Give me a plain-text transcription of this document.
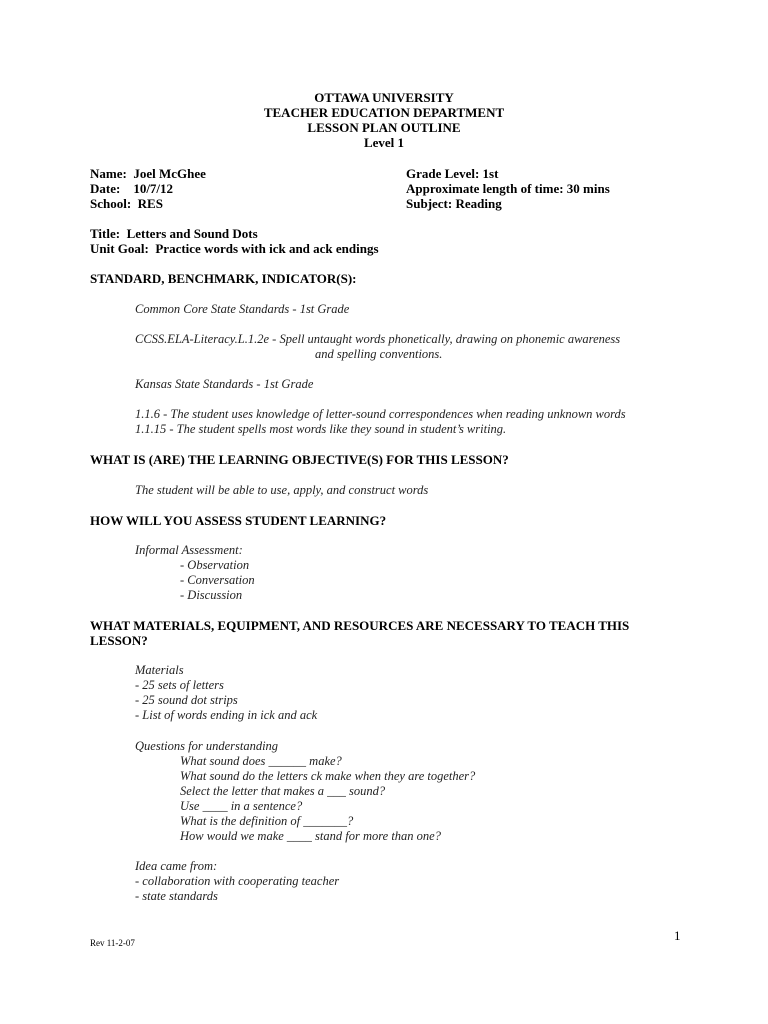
OTTAWA UNIVERSITY
TEACHER EDUCATION DEPARTMENT
LESSON PLAN OUTLINE
Level 1
Name:  Joel McGhee
Date:    10/7/12
School:  RES
Grade Level: 1st
Approximate length of time: 30 mins
Subject: Reading
Title:  Letters and Sound Dots
Unit Goal:  Practice words with ick and ack endings
STANDARD, BENCHMARK, INDICATOR(S):
Common Core State Standards - 1st Grade
CCSS.ELA-Literacy.L.1.2e - Spell untaught words phonetically, drawing on phonemic awareness
and spelling conventions.
Kansas State Standards - 1st Grade
1.1.6 - The student uses knowledge of letter-sound correspondences when reading unknown words
1.1.15 - The student spells most words like they sound in student’s writing.
WHAT IS (ARE) THE LEARNING OBJECTIVE(S) FOR THIS LESSON?
The student will be able to use, apply, and construct words
HOW WILL YOU ASSESS STUDENT LEARNING?
Informal Assessment:
- Observation
- Conversation
- Discussion
WHAT MATERIALS, EQUIPMENT, AND RESOURCES ARE NECESSARY TO TEACH THIS
LESSON?
Materials
- 25 sets of letters
- 25 sound dot strips
- List of words ending in ick and ack
Questions for understanding
What sound does ______ make?
What sound do the letters ck make when they are together?
Select the letter that makes a ___ sound?
Use ____ in a sentence?
What is the definition of _______?
How would we make ____ stand for more than one?
Idea came from:
- collaboration with cooperating teacher
- state standards
1
Rev 11-2-07
